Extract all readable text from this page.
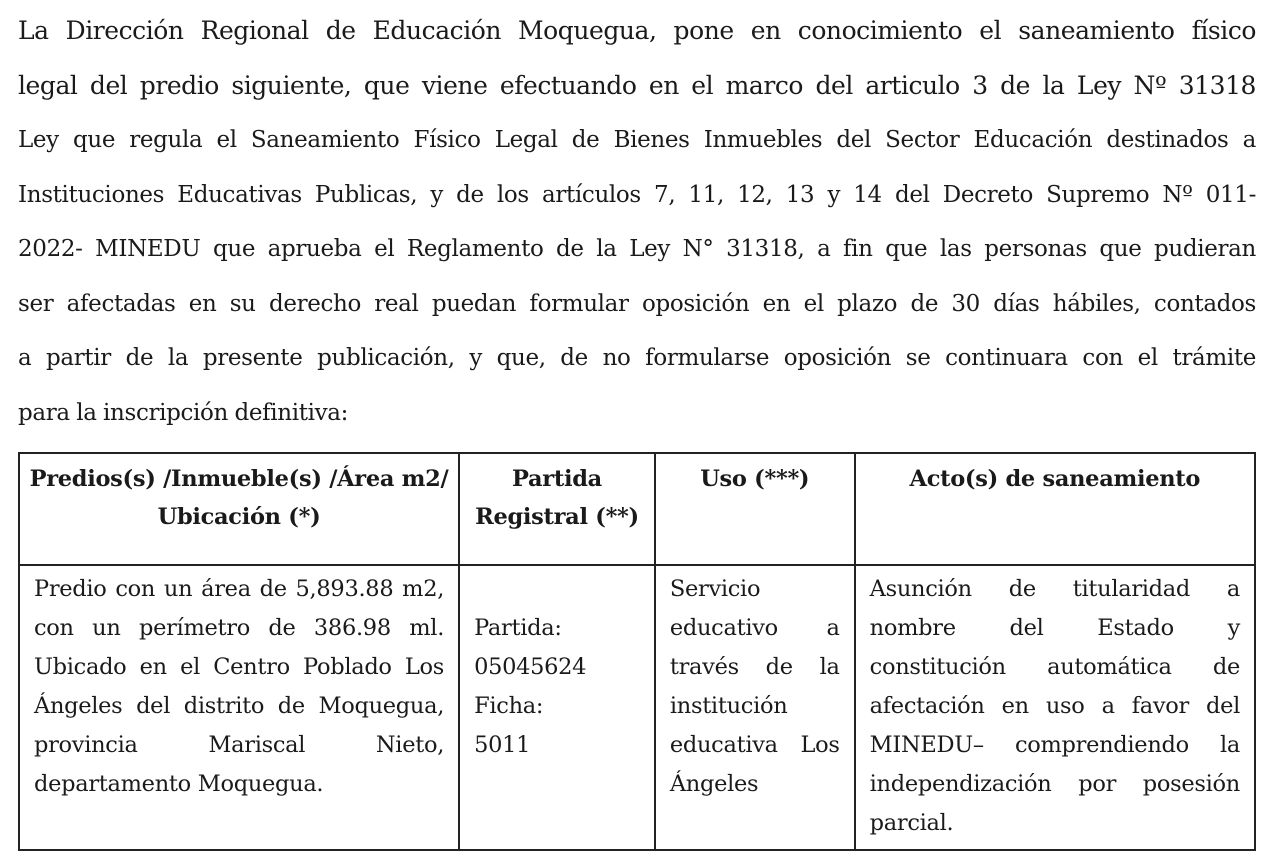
La Dirección Regional de Educación Moquegua, pone en conocimiento el saneamiento físico
legal del predio siguiente, que viene efectuando en el marco del articulo 3 de la Ley Nº 31318
Ley que regula el Saneamiento Físico Legal de Bienes Inmuebles del Sector Educación destinados a
Instituciones Educativas Publicas, y de los artículos 7, 11, 12, 13 y 14 del Decreto Supremo Nº 011-
2022- MINEDU que aprueba el Reglamento de la Ley N° 31318, a fin que las personas que pudieran
ser afectadas en su derecho real puedan formular oposición en el plazo de 30 días hábiles, contados
a partir de la presente publicación, y que, de no formularse oposición se continuara con el trámite
para la inscripción definitiva:

Predios(s) /Inmueble(s) /Área m2/ Ubicación (*)	Partida Registral (**)	Uso (***)	Acto(s) de saneamiento

Predio con un área de 5,893.88 m2, con un perímetro de 386.98 ml. Ubicado en el Centro Poblado Los Ángeles del distrito de Moquegua, provincia Mariscal Nieto, departamento Moquegua.	Partida:
05045624
Ficha:
5011	Servicio educativo a través de la institución educativa Los Ángeles	Asunción de titularidad a nombre del Estado y constitución automática de afectación en uso a favor del MINEDU– comprendiendo la independización por posesión parcial.
